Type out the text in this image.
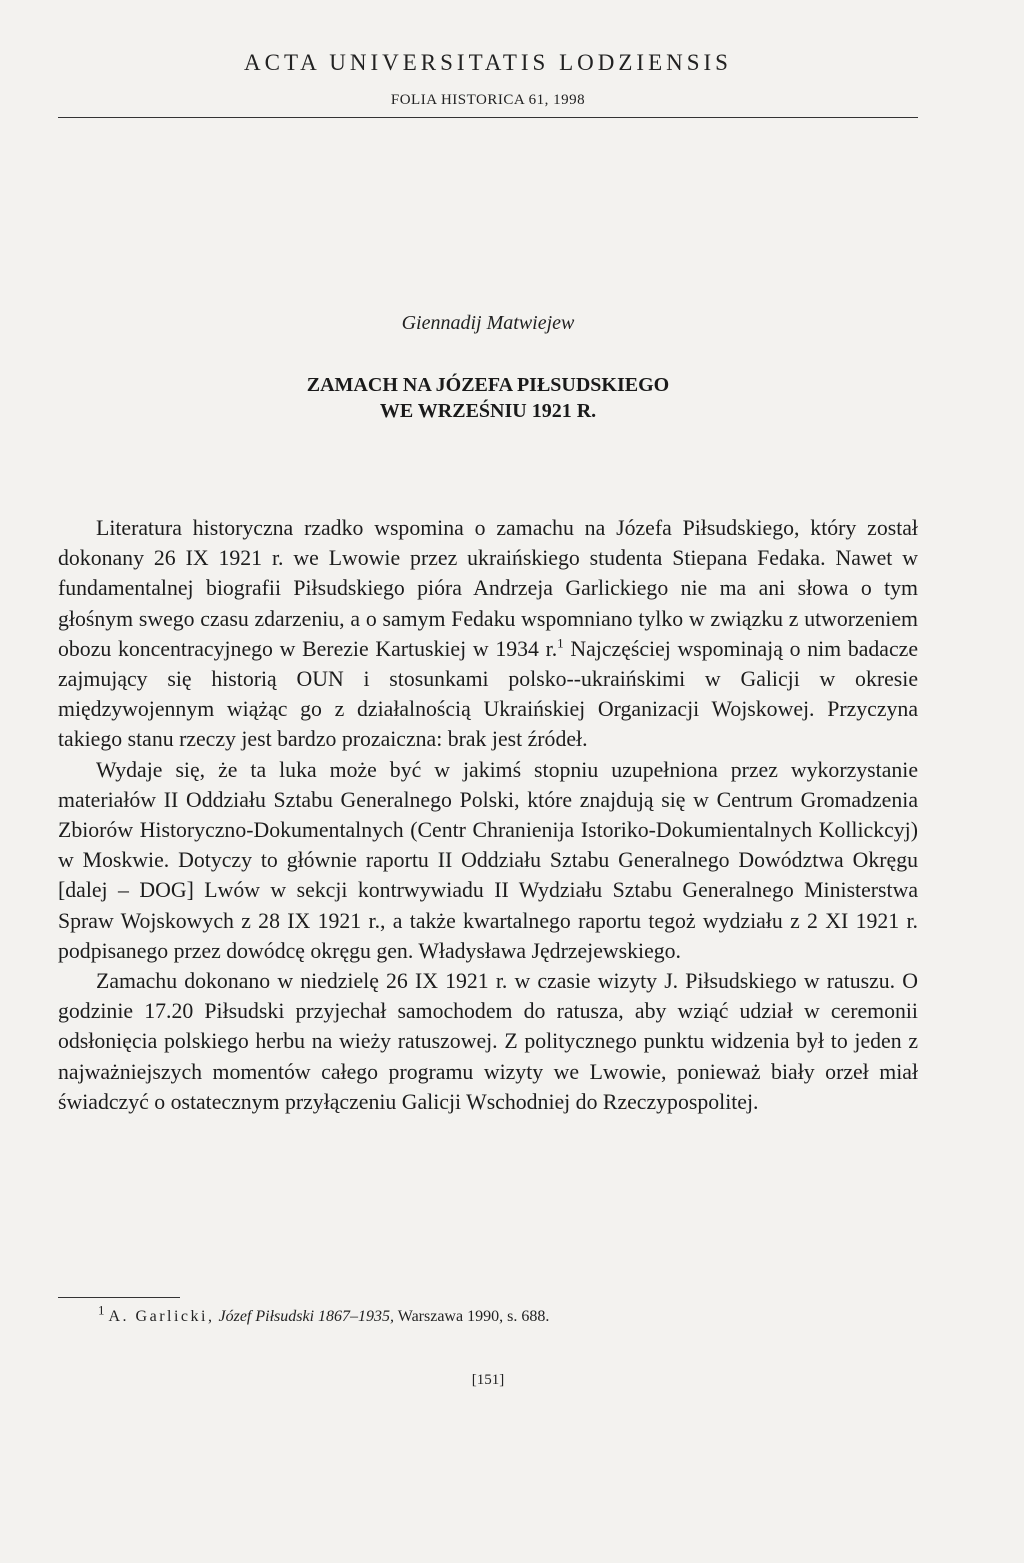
ACTA UNIVERSITATIS LODZIENSIS
FOLIA HISTORICA 61, 1998
Giennadij Matwiejew
ZAMACH NA JÓZEFA PIŁSUDSKIEGO
WE WRZEŚNIU 1921 R.

Literatura historyczna rzadko wspomina o zamachu na Józefa Piłsudskiego, który został dokonany 26 IX 1921 r. we Lwowie przez ukraińskiego studenta Stiepana Fedaka. Nawet w fundamentalnej biografii Piłsudskiego pióra Andrzeja Garlickiego nie ma ani słowa o tym głośnym swego czasu zdarzeniu, a o samym Fedaku wspomniano tylko w związku z utworzeniem obozu koncentracyjnego w Berezie Kartuskiej w 1934 r.$^1$ Najczęściej wspominają o nim badacze zajmujący się historią OUN i stosunkami polsko--ukraińskimi w Galicji w okresie międzywojennym wiążąc go z działalnością Ukraińskiej Organizacji Wojskowej. Przyczyna takiego stanu rzeczy jest bardzo prozaiczna: brak jest źródeł.

Wydaje się, że ta luka może być w jakimś stopniu uzupełniona przez wykorzystanie materiałów II Oddziału Sztabu Generalnego Polski, które znajdują się w Centrum Gromadzenia Zbiorów Historyczno-Dokumentalnych (Centr Chranienija Istoriko-Dokumientalnych Kollickcyj) w Moskwie. Dotyczy to głównie raportu II Oddziału Sztabu Generalnego Dowództwa Okręgu [dalej – DOG] Lwów w sekcji kontrwywiadu II Wydziału Sztabu Generalnego Ministerstwa Spraw Wojskowych z 28 IX 1921 r., a także kwartalnego raportu tegoż wydziału z 2 XI 1921 r. podpisanego przez dowódcę okręgu gen. Władysława Jędrzejewskiego.

Zamachu dokonano w niedzielę 26 IX 1921 r. w czasie wizyty J. Piłsudskiego w ratuszu. O godzinie 17.20 Piłsudski przyjechał samochodem do ratusza, aby wziąć udział w ceremonii odsłonięcia polskiego herbu na wieży ratuszowej. Z politycznego punktu widzenia był to jeden z najważniejszych momentów całego programu wizyty we Lwowie, ponieważ biały orzeł miał świadczyć o ostatecznym przyłączeniu Galicji Wschodniej do Rzeczypospolitej.

$^1$ A. Garlicki, Józef Piłsudski 1867–1935, Warszawa 1990, s. 688.
[151]
